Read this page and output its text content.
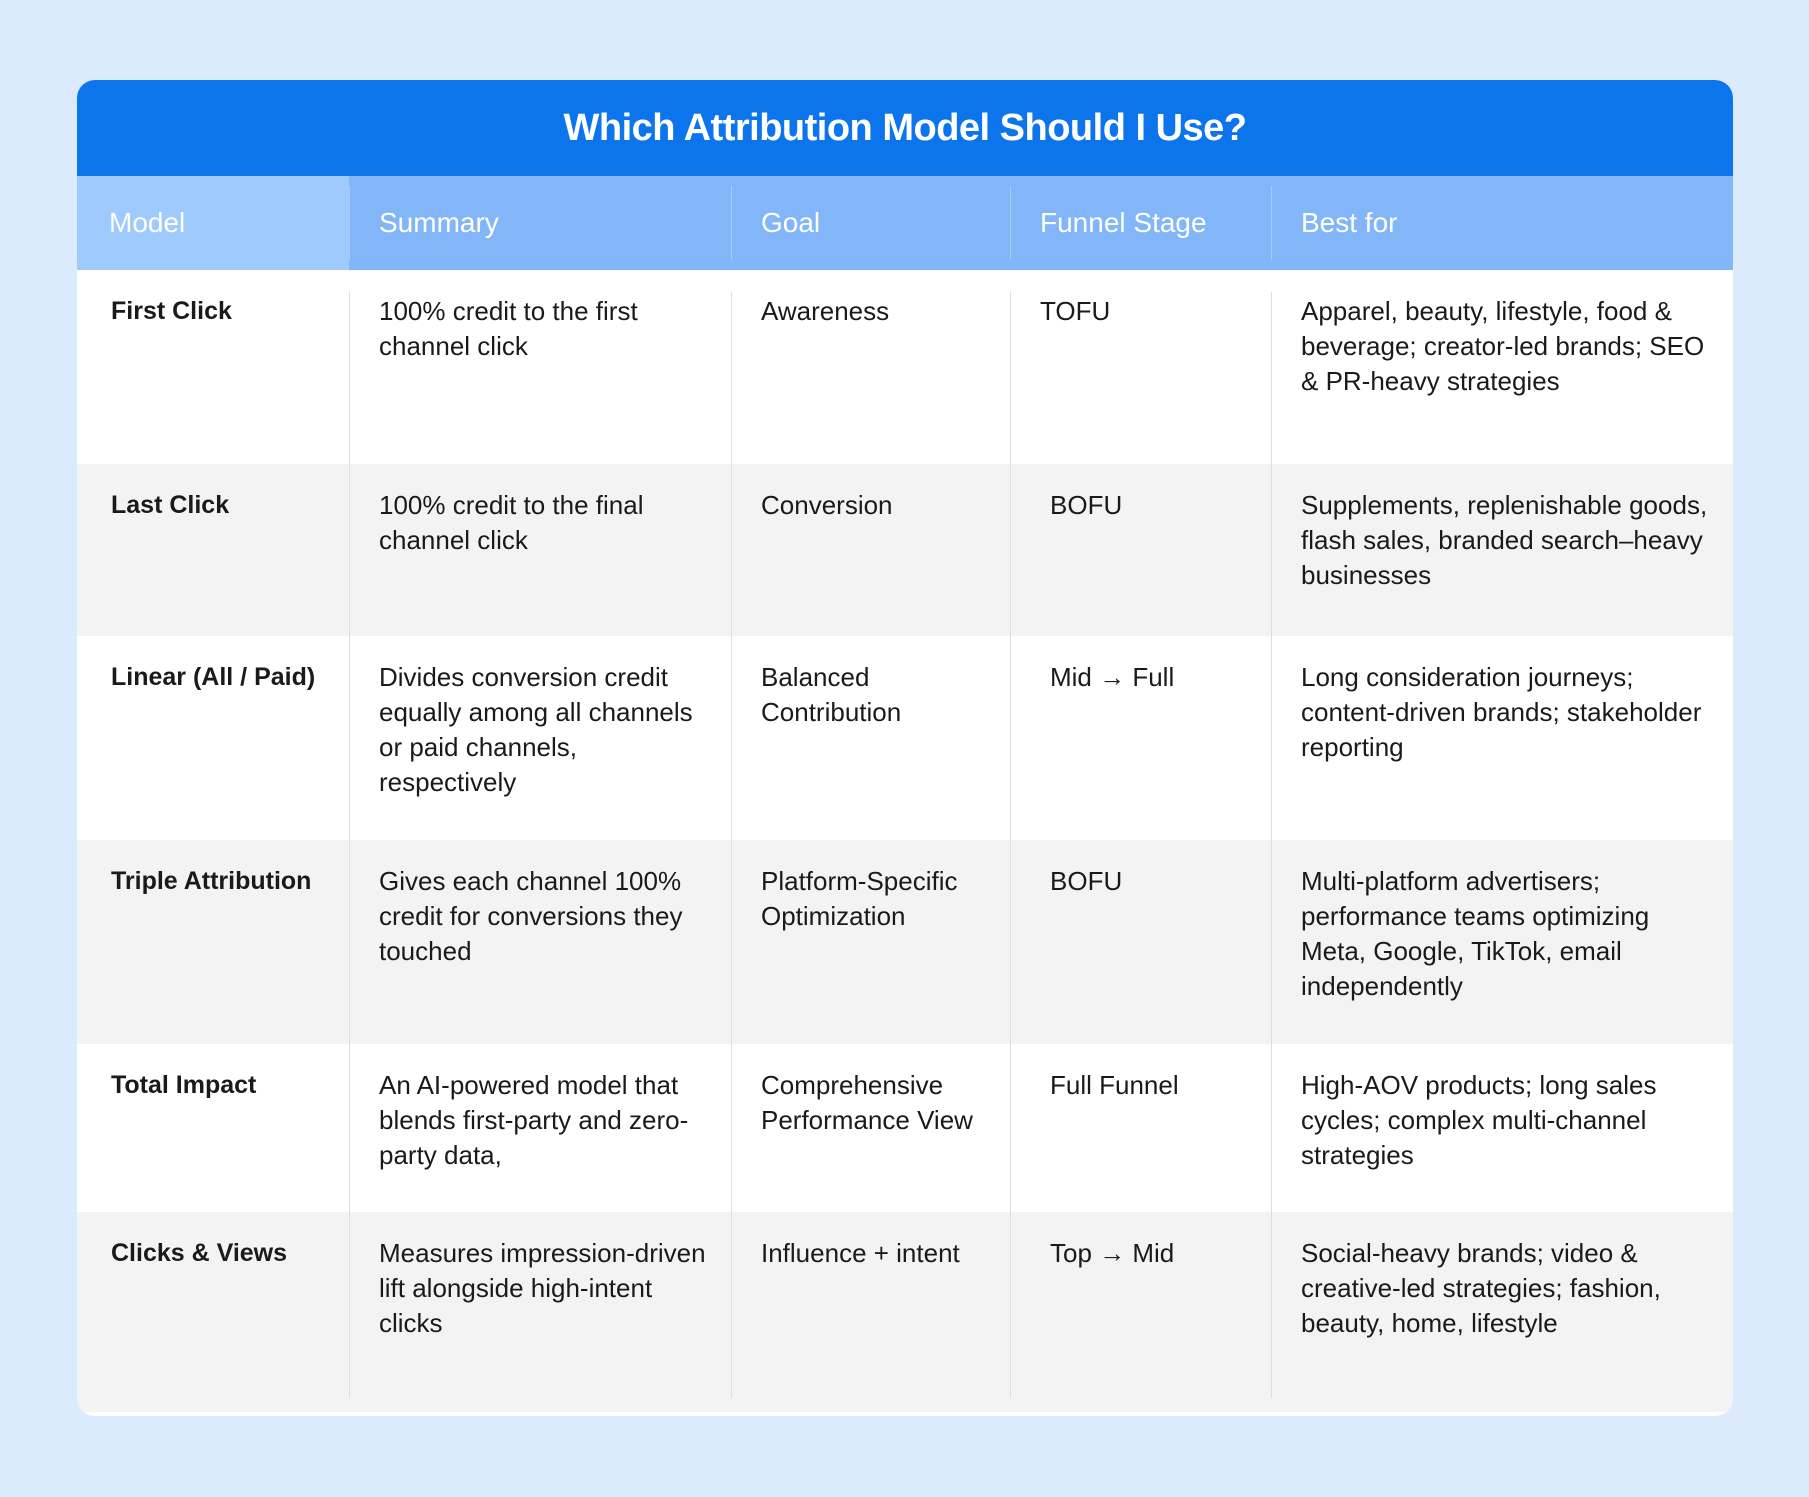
Which Attribution Model Should I Use?
Model	Summary	Goal	Funnel Stage	Best for
First Click	100% credit to the first channel click	Awareness	TOFU	Apparel, beauty, lifestyle, food & beverage; creator-led brands; SEO & PR-heavy strategies
Last Click	100% credit to the final channel click	Conversion	BOFU	Supplements, replenishable goods, flash sales, branded search–heavy businesses
Linear (All / Paid)	Divides conversion credit equally among all channels or paid channels, respectively	Balanced Contribution	Mid → Full	Long consideration journeys; content-driven brands; stakeholder reporting
Triple Attribution	Gives each channel 100% credit for conversions they touched	Platform-Specific Optimization	BOFU	Multi-platform advertisers; performance teams optimizing Meta, Google, TikTok, email independently
Total Impact	An AI-powered model that blends first-party and zero-party data,	Comprehensive Performance View	Full Funnel	High-AOV products; long sales cycles; complex multi-channel strategies
Clicks & Views	Measures impression-driven lift alongside high-intent clicks	Influence + intent	Top → Mid	Social-heavy brands; video & creative-led strategies; fashion, beauty, home, lifestyle
